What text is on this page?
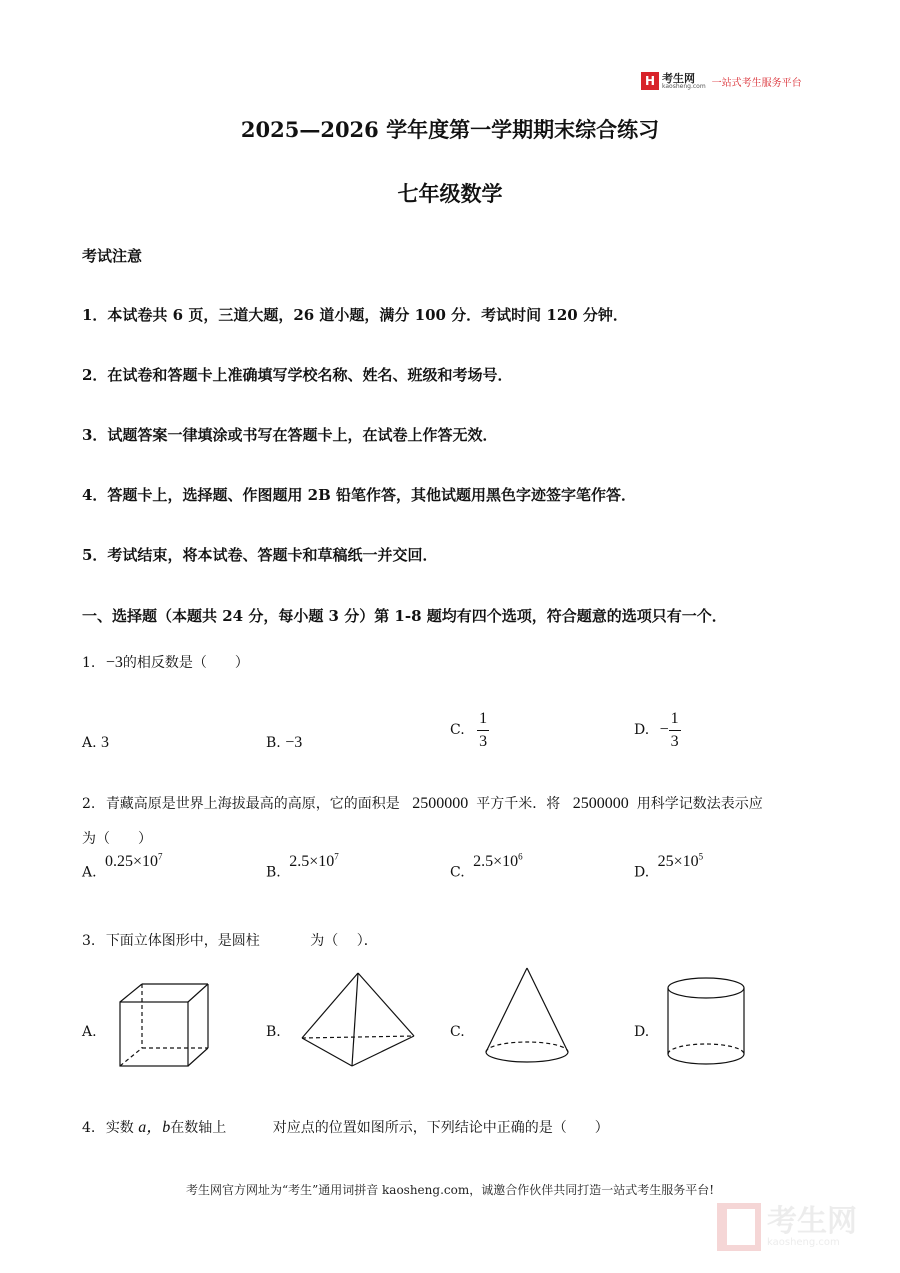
H 考生网
kaosheng.com 一站式考生服务平台
2025—2026 学年度第一学期期末综合练习
七年级数学
考试注意
1．本试卷共 6 页，三道大题，26 道小题，满分 100 分．考试时间 120 分钟．
2．在试卷和答题卡上准确填写学校名称、姓名、班级和考场号．
3．试题答案一律填涂或书写在答题卡上，在试卷上作答无效．
4．答题卡上，选择题、作图题用 2B 铅笔作答，其他试题用黑色字迹签字笔作答．
5．考试结束，将本试卷、答题卡和草稿纸一并交回．
一、选择题（本题共 24 分，每小题 3 分）第 1-8 题均有四个选项，符合题意的选项只有一个．
1. −3的相反数是（　　）
A. 3	B. −3
C. $\frac{1}{3}$	D. − $\frac{1}{3}$
2. 青藏高原是世界上海拔最高的高原，它的面积是 2500000 平方千米．将 2500000 用科学记数法表示应
为（　　）
A. $0.25\times 10^7$
B. $2.5\times 10^7$
C. $2.5\times 10^6$
D. $25\times 10^5$
3. 下面立体图形中，是圆柱	为（　 ）．
A.	B.	C.	D.
4. 实数 a，b在数轴上	对应点的位置如图所示，下列结论中正确的是（　　）
考生网官方网址为“考生”通用词拼音 kaosheng.com，诚邀合作伙伴共同打造一站式考生服务平台!
考生网
kaosheng.com
